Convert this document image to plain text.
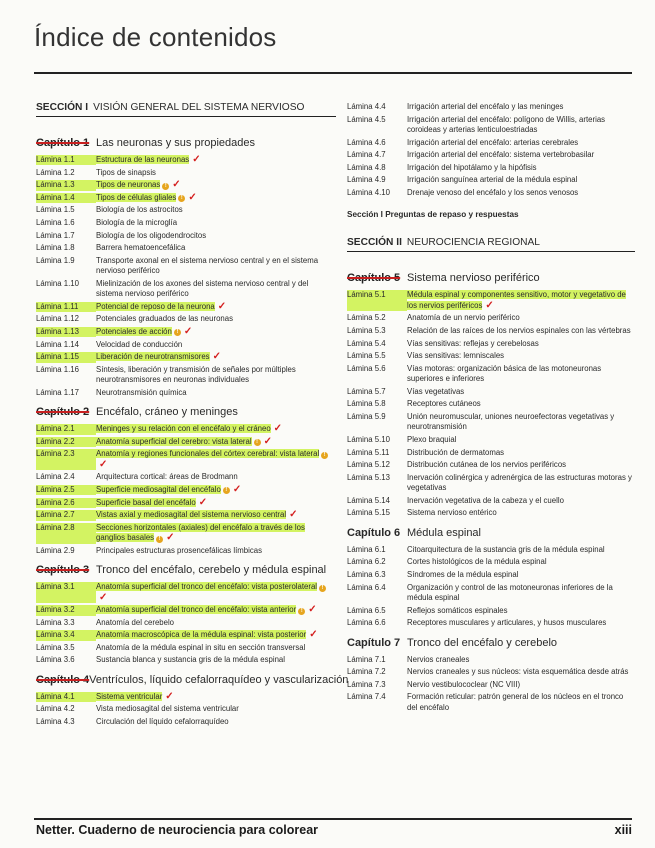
Índice de contenidos
SECCIÓN I VISIÓN GENERAL DEL SISTEMA NERVIOSO
Capítulo 1 Las neuronas y sus propiedades
Lámina 1.1	Estructura de las neuronas ✓
Lámina 1.2	Tipos de sinapsis
Lámina 1.3	Tipos de neuronas ! ✓
Lámina 1.4	Tipos de células gliales ! ✓
Lámina 1.5	Biología de los astrocitos
Lámina 1.6	Biología de la microglía
Lámina 1.7	Biología de los oligodendrocitos
Lámina 1.8	Barrera hematoencefálica
Lámina 1.9	Transporte axonal en el sistema nervioso central y en el sistema nervioso periférico
Lámina 1.10	Mielinización de los axones del sistema nervioso central y del sistema nervioso periférico
Lámina 1.11	Potencial de reposo de la neurona ✓
Lámina 1.12	Potenciales graduados de las neuronas
Lámina 1.13	Potenciales de acción ! ✓
Lámina 1.14	Velocidad de conducción
Lámina 1.15	Liberación de neurotransmisores ✓
Lámina 1.16	Síntesis, liberación y transmisión de señales por múltiples neurotransmisores en neuronas individuales
Lámina 1.17	Neurotransmisión química
Capítulo 2 Encéfalo, cráneo y meninges
Lámina 2.1	Meninges y su relación con el encéfalo y el cráneo ✓
Lámina 2.2	Anatomía superficial del cerebro: vista lateral ! ✓
Lámina 2.3	Anatomía y regiones funcionales del córtex cerebral: vista lateral !✓
Lámina 2.4	Arquitectura cortical: áreas de Brodmann
Lámina 2.5	Superficie mediosagital del encéfalo ! ✓
Lámina 2.6	Superficie basal del encéfalo ✓
Lámina 2.7	Vistas axial y mediosagital del sistema nervioso central ✓
Lámina 2.8	Secciones horizontales (axiales) del encéfalo a través de los ganglios basales ! ✓
Lámina 2.9	Principales estructuras prosencefálicas límbicas
Capítulo 3 Tronco del encéfalo, cerebelo y médula espinal
Lámina 3.1	Anatomía superficial del tronco del encéfalo: vista posterolateral !✓
Lámina 3.2	Anatomía superficial del tronco del encéfalo: vista anterior ! ✓
Lámina 3.3	Anatomía del cerebelo
Lámina 3.4	Anatomía macroscópica de la médula espinal: vista posterior ✓
Lámina 3.5	Anatomía de la médula espinal in situ en sección transversal
Lámina 3.6	Sustancia blanca y sustancia gris de la médula espinal
Capítulo 4 Ventrículos, líquido cefalorraquídeo y vascularización
Lámina 4.1	Sistema ventricular ✓
Lámina 4.2	Vista mediosagital del sistema ventricular
Lámina 4.3	Circulación del líquido cefalorraquídeo
Lámina 4.4	Irrigación arterial del encéfalo y las meninges
Lámina 4.5	Irrigación arterial del encéfalo: polígono de Willis, arterias coroideas y arterias lenticuloestriadas
Lámina 4.6	Irrigación arterial del encéfalo: arterias cerebrales
Lámina 4.7	Irrigación arterial del encéfalo: sistema vertebrobasilar
Lámina 4.8	Irrigación del hipotálamo y la hipófisis
Lámina 4.9	Irrigación sanguínea arterial de la médula espinal
Lámina 4.10	Drenaje venoso del encéfalo y los senos venosos
Sección I Preguntas de repaso y respuestas
SECCIÓN II NEUROCIENCIA REGIONAL
Capítulo 5 Sistema nervioso periférico
Lámina 5.1	Médula espinal y componentes sensitivo, motor y vegetativo de los nervios periféricos ✓
Lámina 5.2	Anatomía de un nervio periférico
Lámina 5.3	Relación de las raíces de los nervios espinales con las vértebras
Lámina 5.4	Vías sensitivas: reflejas y cerebelosas
Lámina 5.5	Vías sensitivas: lemniscales
Lámina 5.6	Vías motoras: organización básica de las motoneuronas superiores e inferiores
Lámina 5.7	Vías vegetativas
Lámina 5.8	Receptores cutáneos
Lámina 5.9	Unión neuromuscular, uniones neuroefectoras vegetativas y neurotransmisión
Lámina 5.10	Plexo braquial
Lámina 5.11	Distribución de dermatomas
Lámina 5.12	Distribución cutánea de los nervios periféricos
Lámina 5.13	Inervación colinérgica y adrenérgica de las estructuras motoras y vegetativas
Lámina 5.14	Inervación vegetativa de la cabeza y el cuello
Lámina 5.15	Sistema nervioso entérico
Capítulo 6 Médula espinal
Lámina 6.1	Citoarquitectura de la sustancia gris de la médula espinal
Lámina 6.2	Cortes histológicos de la médula espinal
Lámina 6.3	Síndromes de la médula espinal
Lámina 6.4	Organización y control de las motoneuronas inferiores de la médula espinal
Lámina 6.5	Reflejos somáticos espinales
Lámina 6.6	Receptores musculares y articulares, y husos musculares
Capítulo 7 Tronco del encéfalo y cerebelo
Lámina 7.1	Nervios craneales
Lámina 7.2	Nervios craneales y sus núcleos: vista esquemática desde atrás
Lámina 7.3	Nervio vestibulococlear (NC VIII)
Lámina 7.4	Formación reticular: patrón general de los núcleos en el tronco del encéfalo
Netter. Cuaderno de neurociencia para colorear	xiii
